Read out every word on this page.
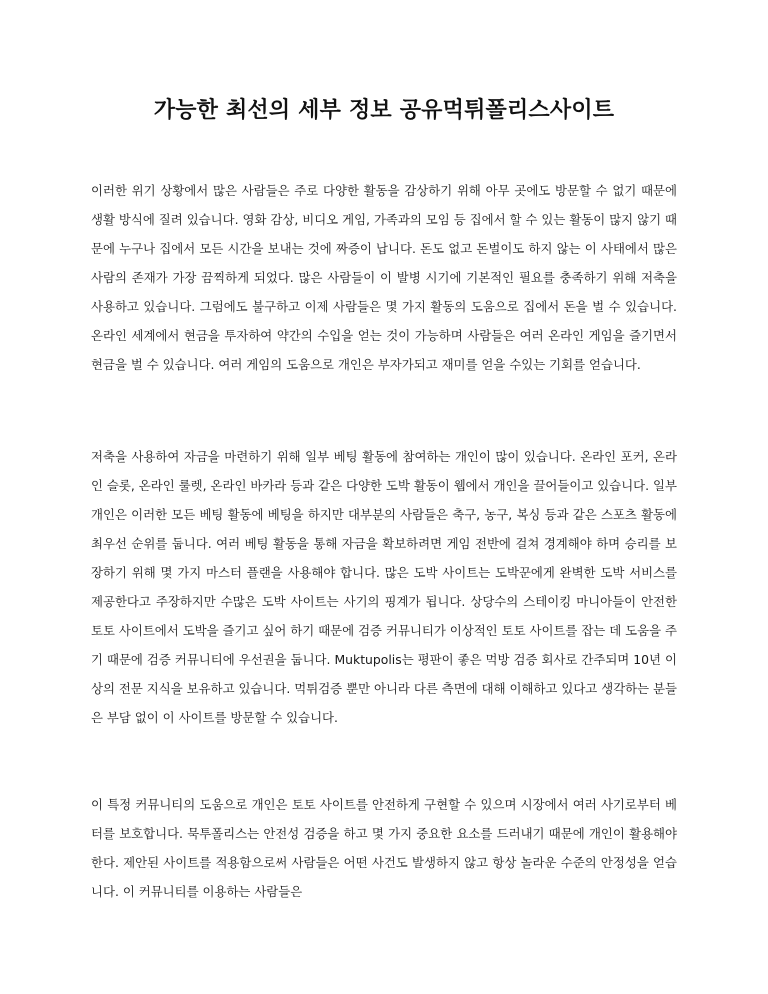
가능한 최선의 세부 정보 공유먹튀폴리스사이트

이러한 위기 상황에서 많은 사람들은 주로 다양한 활동을 감상하기 위해 아무 곳에도 방문할 수 없기 때문에 생활 방식에 질려 있습니다. 영화 감상, 비디오 게임, 가족과의 모임 등 집에서 할 수 있는 활동이 많지 않기 때문에 누구나 집에서 모든 시간을 보내는 것에 짜증이 납니다. 돈도 없고 돈벌이도 하지 않는 이 사태에서 많은 사람의 존재가 가장 끔찍하게 되었다. 많은 사람들이 이 발병 시기에 기본적인 필요를 충족하기 위해 저축을 사용하고 있습니다. 그럼에도 불구하고 이제 사람들은 몇 가지 활동의 도움으로 집에서 돈을 벌 수 있습니다. 온라인 세계에서 현금을 투자하여 약간의 수입을 얻는 것이 가능하며 사람들은 여러 온라인 게임을 즐기면서 현금을 벌 수 있습니다. 여러 게임의 도움으로 개인은 부자가되고 재미를 얻을 수있는 기회를 얻습니다.

저축을 사용하여 자금을 마련하기 위해 일부 베팅 활동에 참여하는 개인이 많이 있습니다. 온라인 포커, 온라인 슬롯, 온라인 룰렛, 온라인 바카라 등과 같은 다양한 도박 활동이 웹에서 개인을 끌어들이고 있습니다. 일부 개인은 이러한 모든 베팅 활동에 베팅을 하지만 대부분의 사람들은 축구, 농구, 복싱 등과 같은 스포츠 활동에 최우선 순위를 둡니다. 여러 베팅 활동을 통해 자금을 확보하려면 게임 전반에 걸쳐 경계해야 하며 승리를 보장하기 위해 몇 가지 마스터 플랜을 사용해야 합니다. 많은 도박 사이트는 도박꾼에게 완벽한 도박 서비스를 제공한다고 주장하지만 수많은 도박 사이트는 사기의 핑계가 됩니다. 상당수의 스테이킹 마니아들이 안전한 토토 사이트에서 도박을 즐기고 싶어 하기 때문에 검증 커뮤니티가 이상적인 토토 사이트를 잡는 데 도움을 주기 때문에 검증 커뮤니티에 우선권을 둡니다. Muktupolis는 평판이 좋은 먹방 검증 회사로 간주되며 10년 이상의 전문 지식을 보유하고 있습니다. 먹튀검증 뿐만 아니라 다른 측면에 대해 이해하고 있다고 생각하는 분들은 부담 없이 이 사이트를 방문할 수 있습니다.

이 특정 커뮤니티의 도움으로 개인은 토토 사이트를 안전하게 구현할 수 있으며 시장에서 여러 사기로부터 베터를 보호합니다. 묵투폴리스는 안전성 검증을 하고 몇 가지 중요한 요소를 드러내기 때문에 개인이 활용해야 한다. 제안된 사이트를 적용함으로써 사람들은 어떤 사건도 발생하지 않고 항상 놀라운 수준의 안정성을 얻습니다. 이 커뮤니티를 이용하는 사람들은
